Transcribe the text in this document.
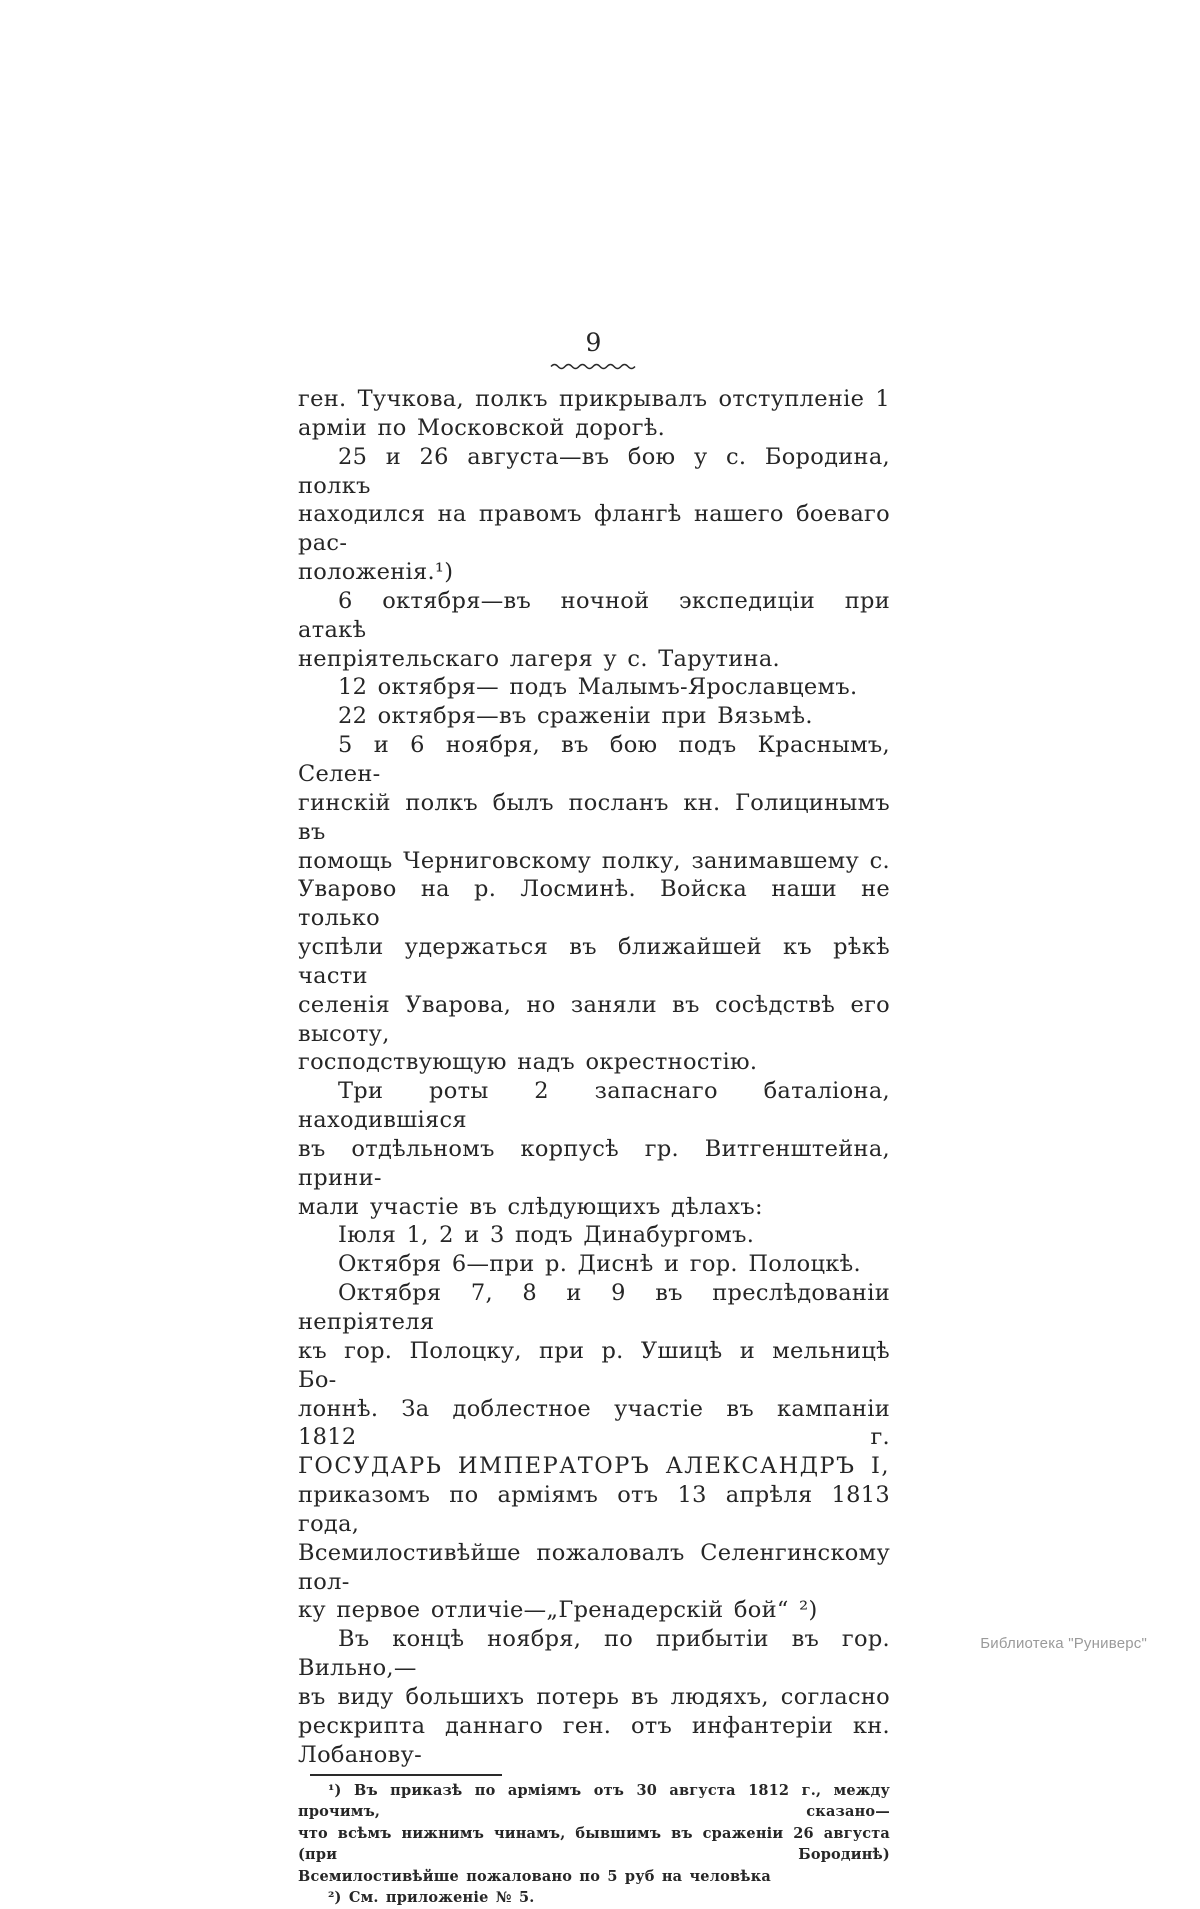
9
ген. Тучкова, полкъ прикрывалъ отступленіе 1
арміи по Московской дорогѣ.
25 и 26 августа—въ бою у с. Бородина, полкъ
находился на правомъ флангѣ нашего боеваго рас-
положенія.¹)
6 октября—въ ночной экспедиціи при атакѣ
непріятельскаго лагеря у с. Тарутина.
12 октября— подъ Малымъ-Ярославцемъ.
22 октября—въ сраженіи при Вязьмѣ.
5 и 6 ноября, въ бою подъ Краснымъ, Селен-
гинскій полкъ былъ посланъ кн. Голицинымъ въ
помощь Черниговскому полку, занимавшему с.
Уварово на р. Лосминѣ. Войска наши не только
успѣли удержаться въ ближайшей къ рѣкѣ части
селенія Уварова, но заняли въ сосѣдствѣ его высоту,
господствующую надъ окрестностію.
Три роты 2 запаснаго баталіона, находившіяся
въ отдѣльномъ корпусѣ гр. Витгенштейна, прини-
мали участіе въ слѣдующихъ дѣлахъ:
Іюля 1, 2 и 3 подъ Динабургомъ.
Октября 6—при р. Диснѣ и гор. Полоцкѣ.
Октября 7, 8 и 9 въ преслѣдованіи непріятеля
къ гор. Полоцку, при р. Ушицѣ и мельницѣ Бо-
лоннѣ. За доблестное участіе въ кампаніи 1812 г.
ГОСУДАРЬ ИМПЕРАТОРЪ АЛЕКСАНДРЪ I,
приказомъ по арміямъ отъ 13 апрѣля 1813 года,
Всемилостивѣйше пожаловалъ Селенгинскому пол-
ку первое отличіе—„Гренадерскій бой“ ²)
Въ концѣ ноября, по прибытіи въ гор. Вильно,—
въ виду большихъ потерь въ людяхъ, согласно
рескрипта даннаго ген. отъ инфантеріи кн. Лобанову-
¹) Въ приказѣ по арміямъ отъ 30 августа 1812 г., между прочимъ, сказано—
что всѣмъ нижнимъ чинамъ, бывшимъ въ сраженіи 26 августа (при Бородинѣ)
Всемилостивѣйше пожаловано по 5 руб на человѣка
²) См. приложеніе № 5.
Библиотека "Руниверс"
